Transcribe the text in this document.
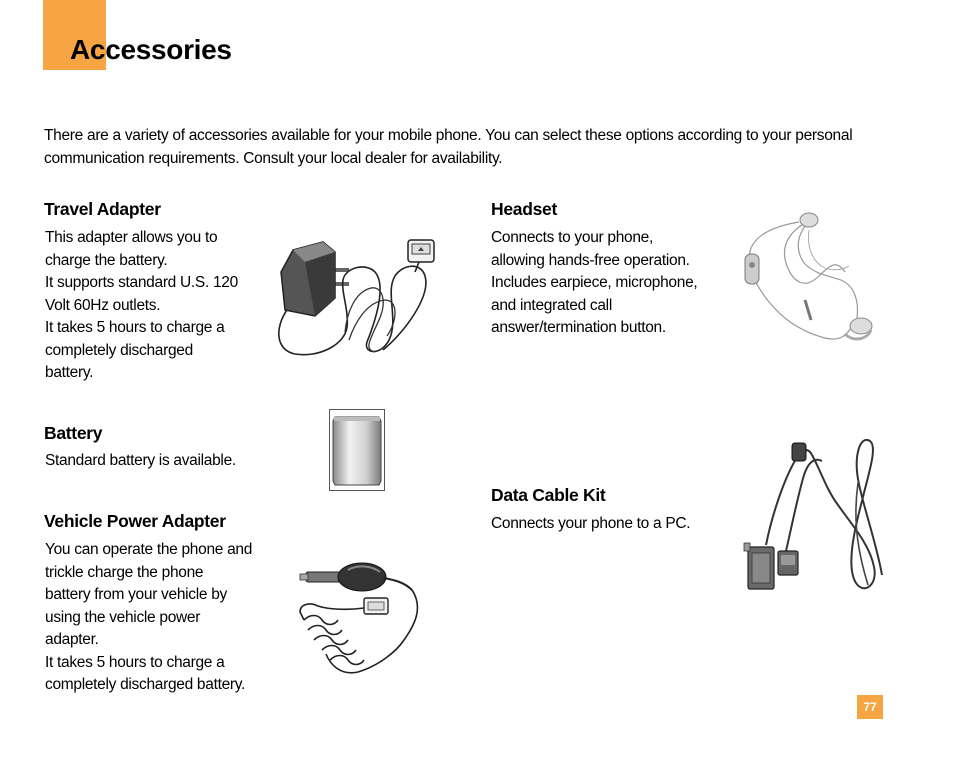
Accessories

There are a variety of accessories available for your mobile phone. You can select these options according to your personal communication requirements. Consult your local dealer for availability.

Travel Adapter

This adapter allows you to
charge the battery.
It supports standard U.S. 120
Volt 60Hz outlets.
It takes 5 hours to charge a
completely discharged
battery.

Battery

Standard battery is available.

Vehicle Power Adapter

You can operate the phone and
trickle charge the phone
battery from your vehicle by
using the vehicle power
adapter.
It takes 5 hours to charge a
completely discharged battery.

Headset

Connects to your phone,
allowing hands-free operation.
Includes earpiece, microphone,
and integrated call
answer/termination button.

Data Cable Kit

Connects your phone to a PC.

77
